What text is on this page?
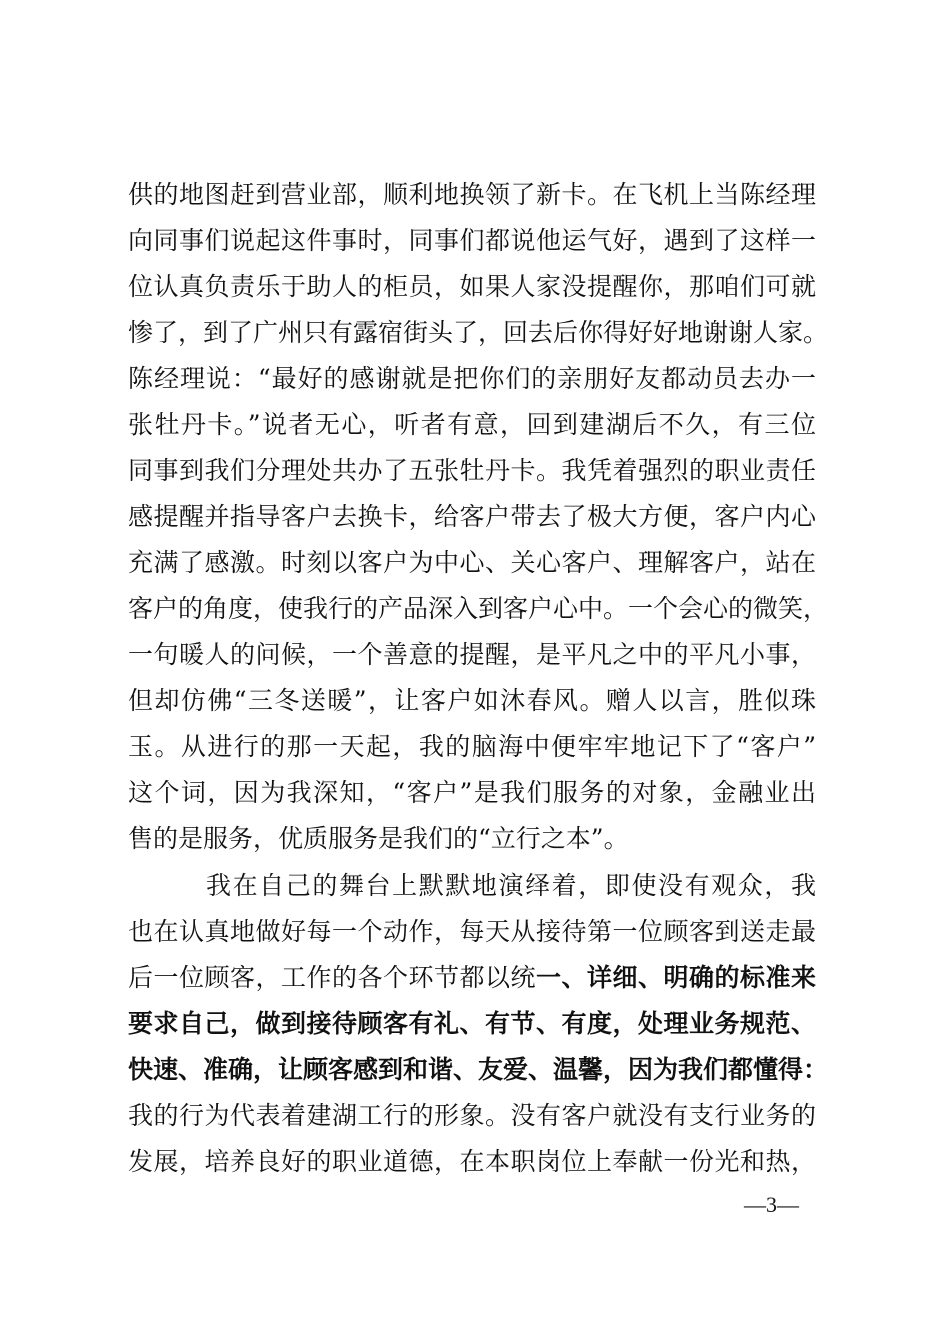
供的地图赶到营业部，顺利地换领了新卡。在飞机上当陈经理
向同事们说起这件事时，同事们都说他运气好，遇到了这样一
位认真负责乐于助人的柜员，如果人家没提醒你，那咱们可就
惨了，到了广州只有露宿街头了，回去后你得好好地谢谢人家。
陈经理说：“最好的感谢就是把你们的亲朋好友都动员去办一
张牡丹卡。”说者无心，听者有意，回到建湖后不久，有三位
同事到我们分理处共办了五张牡丹卡。我凭着强烈的职业责任
感提醒并指导客户去换卡，给客户带去了极大方便，客户内心
充满了感激。时刻以客户为中心、关心客户、理解客户，站在
客户的角度，使我行的产品深入到客户心中。一个会心的微笑，
一句暖人的问候，一个善意的提醒，是平凡之中的平凡小事，
但却仿佛“三冬送暖”，让客户如沐春风。赠人以言，胜似珠
玉。从进行的那一天起，我的脑海中便牢牢地记下了“客户”
这个词，因为我深知，“客户”是我们服务的对象，金融业出
售的是服务，优质服务是我们的“立行之本”。
我在自己的舞台上默默地演绎着，即使没有观众，我
也在认真地做好每一个动作，每天从接待第一位顾客到送走最
后一位顾客，工作的各个环节都以统一、详细、明确的标准来
要求自己，做到接待顾客有礼、有节、有度，处理业务规范、
快速、准确，让顾客感到和谐、友爱、温馨，因为我们都懂得：
我的行为代表着建湖工行的形象。没有客户就没有支行业务的
发展，培养良好的职业道德，在本职岗位上奉献一份光和热，
—3—
